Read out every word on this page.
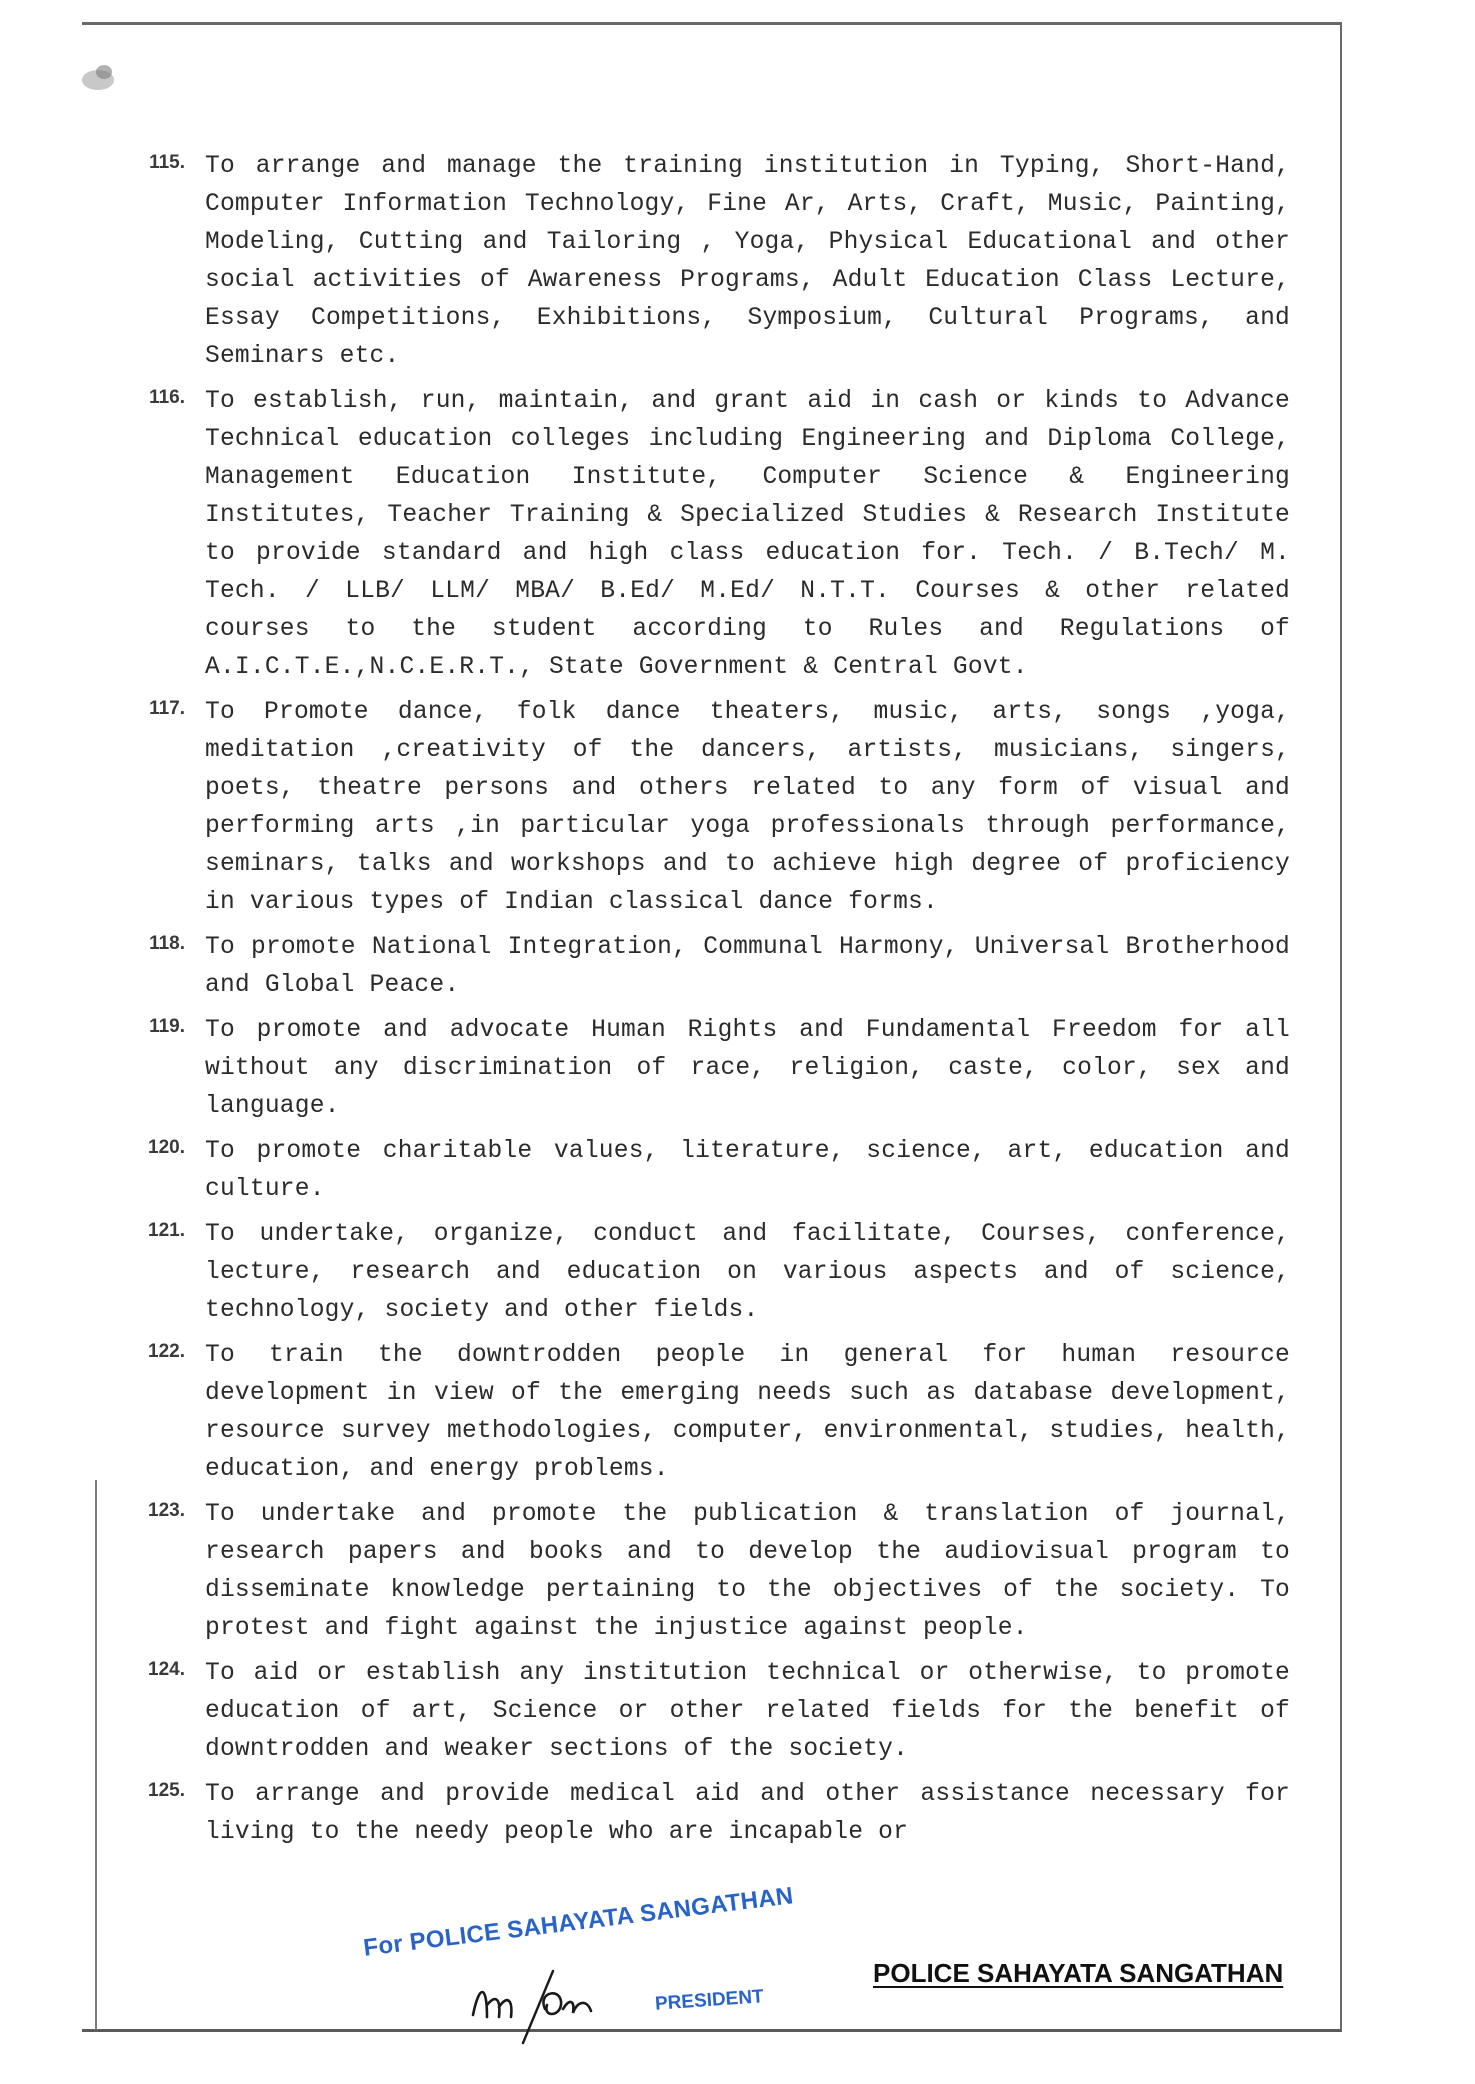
115. To arrange and manage the training institution in Typing, Short-Hand, Computer Information Technology, Fine Ar, Arts, Craft, Music, Painting, Modeling, Cutting and Tailoring , Yoga, Physical Educational and other social activities of Awareness Programs, Adult Education Class Lecture, Essay Competitions, Exhibitions, Symposium, Cultural Programs, and Seminars etc.
116. To establish, run, maintain, and grant aid in cash or kinds to Advance Technical education colleges including Engineering and Diploma College, Management Education Institute, Computer Science & Engineering Institutes, Teacher Training & Specialized Studies & Research Institute to provide standard and high class education for. Tech. / B.Tech/ M. Tech. / LLB/ LLM/ MBA/ B.Ed/ M.Ed/ N.T.T. Courses & other related courses to the student according to Rules and Regulations of A.I.C.T.E.,N.C.E.R.T., State Government & Central Govt.
117. To Promote dance, folk dance theaters, music, arts, songs ,yoga, meditation ,creativity of the dancers, artists, musicians, singers, poets, theatre persons and others related to any form of visual and performing arts ,in particular yoga professionals through performance, seminars, talks and workshops and to achieve high degree of proficiency in various types of Indian classical dance forms.
118. To promote National Integration, Communal Harmony, Universal Brotherhood and Global Peace.
119. To promote and advocate Human Rights and Fundamental Freedom for all without any discrimination of race, religion, caste, color, sex and language.
120. To promote charitable values, literature, science, art, education and culture.
121. To undertake, organize, conduct and facilitate, Courses, conference, lecture, research and education on various aspects and of science, technology, society and other fields.
122. To train the downtrodden people in general for human resource development in view of the emerging needs such as database development, resource survey methodologies, computer, environmental, studies, health, education, and energy problems.
123. To undertake and promote the publication & translation of journal, research papers and books and to develop the audiovisual program to disseminate knowledge pertaining to the objectives of the society. To protest and fight against the injustice against people.
124. To aid or establish any institution technical or otherwise, to promote education of art, Science or other related fields for the benefit of downtrodden and weaker sections of the society.
125. To arrange and provide medical aid and other assistance necessary for living to the needy people who are incapable or
For POLICE SAHAYATA SANGATHAN
PRESIDENT
POLICE SAHAYATA SANGATHAN
